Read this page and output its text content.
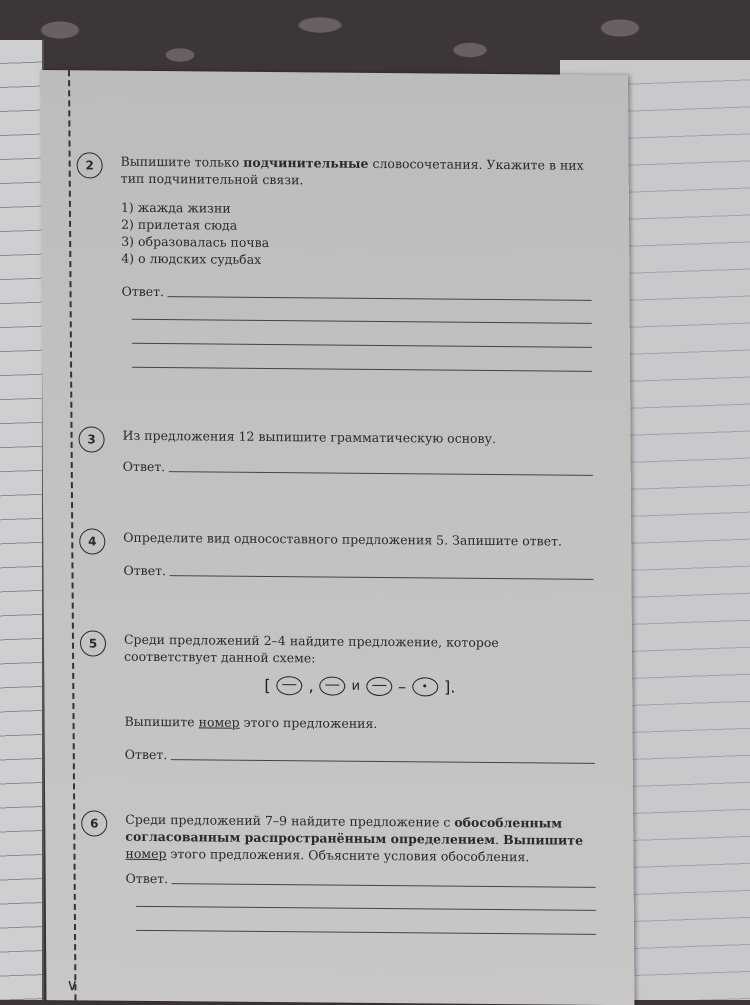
∨
2	Выпишите только подчинительные словосочетания. Укажите в них тип подчинительной связи.
1) жажда жизни
2) прилетая сюда
3) образовалась почва
4) о людских судьбах
Ответ.
3	Из предложения 12 выпишите грамматическую основу.
Ответ.
4	Определите вид односоставного предложения 5. Запишите ответ.
Ответ.
5	Среди предложений 2–4 найдите предложение, которое соответствует данной схеме:
[ ,	и – ].
Выпишите номер этого предложения.
Ответ.
6	Среди предложений 7–9 найдите предложение с обособленным согласованным распространённым определением. Выпишите номер этого предложения. Объясните условия обособления.
Ответ.
